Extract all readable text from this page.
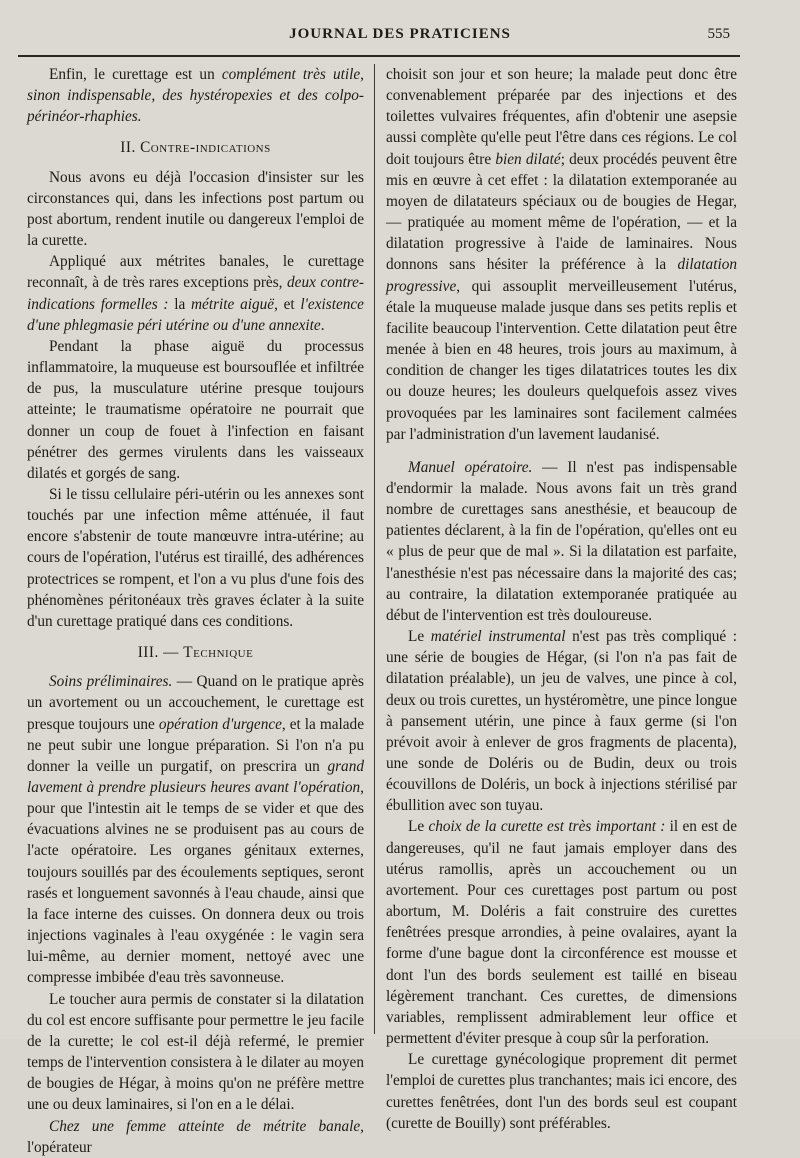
JOURNAL DES PRATICIENS	555

Enfin, le curettage est un complément très utile, sinon indispensable, des hystéropexies et des colpo-périnéor-rhaphies.

II. Contre-indications

Nous avons eu déjà l'occasion d'insister sur les circonstances qui, dans les infections post partum ou post abortum, rendent inutile ou dangereux l'emploi de la curette.

Appliqué aux métrites banales, le curettage reconnaît, à de très rares exceptions près, deux contre-indications formelles : la métrite aiguë, et l'existence d'une phlegmasie péri utérine ou d'une annexite.

Pendant la phase aiguë du processus inflammatoire, la muqueuse est boursouflée et infiltrée de pus, la musculature utérine presque toujours atteinte; le traumatisme opératoire ne pourrait que donner un coup de fouet à l'infection en faisant pénétrer des germes virulents dans les vaisseaux dilatés et gorgés de sang.

Si le tissu cellulaire péri-utérin ou les annexes sont touchés par une infection même atténuée, il faut encore s'abstenir de toute manœuvre intra-utérine; au cours de l'opération, l'utérus est tiraillé, des adhérences protectrices se rompent, et l'on a vu plus d'une fois des phénomènes péritonéaux très graves éclater à la suite d'un curettage pratiqué dans ces conditions.

III. — Technique

Soins préliminaires. — Quand on le pratique après un avortement ou un accouchement, le curettage est presque toujours une opération d'urgence, et la malade ne peut subir une longue préparation. Si l'on n'a pu donner la veille un purgatif, on prescrira un grand lavement à prendre plusieurs heures avant l'opération, pour que l'intestin ait le temps de se vider et que des évacuations alvines ne se produisent pas au cours de l'acte opératoire. Les organes génitaux externes, toujours souillés par des écoulements septiques, seront rasés et longuement savonnés à l'eau chaude, ainsi que la face interne des cuisses. On donnera deux ou trois injections vaginales à l'eau oxygénée : le vagin sera lui-même, au dernier moment, nettoyé avec une compresse imbibée d'eau très savonneuse.

Le toucher aura permis de constater si la dilatation du col est encore suffisante pour permettre le jeu facile de la curette; le col est-il déjà refermé, le premier temps de l'intervention consistera à le dilater au moyen de bougies de Hégar, à moins qu'on ne préfère mettre une ou deux laminaires, si l'on en a le délai.

Chez une femme atteinte de métrite banale, l'opérateur

choisit son jour et son heure; la malade peut donc être convenablement préparée par des injections et des toilettes vulvaires fréquentes, afin d'obtenir une asepsie aussi complète qu'elle peut l'être dans ces régions. Le col doit toujours être bien dilaté; deux procédés peuvent être mis en œuvre à cet effet : la dilatation extemporanée au moyen de dilatateurs spéciaux ou de bougies de Hegar, — pratiquée au moment même de l'opération, — et la dilatation progressive à l'aide de laminaires. Nous donnons sans hésiter la préférence à la dilatation progressive, qui assouplit merveilleusement l'utérus, étale la muqueuse malade jusque dans ses petits replis et facilite beaucoup l'intervention. Cette dilatation peut être menée à bien en 48 heures, trois jours au maximum, à condition de changer les tiges dilatatrices toutes les dix ou douze heures; les douleurs quelquefois assez vives provoquées par les laminaires sont facilement calmées par l'administration d'un lavement laudanisé.

Manuel opératoire. — Il n'est pas indispensable d'endormir la malade. Nous avons fait un très grand nombre de curettages sans anesthésie, et beaucoup de patientes déclarent, à la fin de l'opération, qu'elles ont eu « plus de peur que de mal ». Si la dilatation est parfaite, l'anesthésie n'est pas nécessaire dans la majorité des cas; au contraire, la dilatation extemporanée pratiquée au début de l'intervention est très douloureuse.

Le matériel instrumental n'est pas très compliqué : une série de bougies de Hégar, (si l'on n'a pas fait de dilatation préalable), un jeu de valves, une pince à col, deux ou trois curettes, un hystéromètre, une pince longue à pansement utérin, une pince à faux germe (si l'on prévoit avoir à enlever de gros fragments de placenta), une sonde de Doléris ou de Budin, deux ou trois écouvillons de Doléris, un bock à injections stérilisé par ébullition avec son tuyau.

Le choix de la curette est très important : il en est de dangereuses, qu'il ne faut jamais employer dans des utérus ramollis, après un accouchement ou un avortement. Pour ces curettages post partum ou post abortum, M. Doléris a fait construire des curettes fenêtrées presque arrondies, à peine ovalaires, ayant la forme d'une bague dont la circonférence est mousse et dont l'un des bords seulement est taillé en biseau légèrement tranchant. Ces curettes, de dimensions variables, remplissent admirablement leur office et permettent d'éviter presque à coup sûr la perforation.

Le curettage gynécologique proprement dit permet l'emploi de curettes plus tranchantes; mais ici encore, des curettes fenêtrées, dont l'un des bords seul est coupant (curette de Bouilly) sont préférables.
